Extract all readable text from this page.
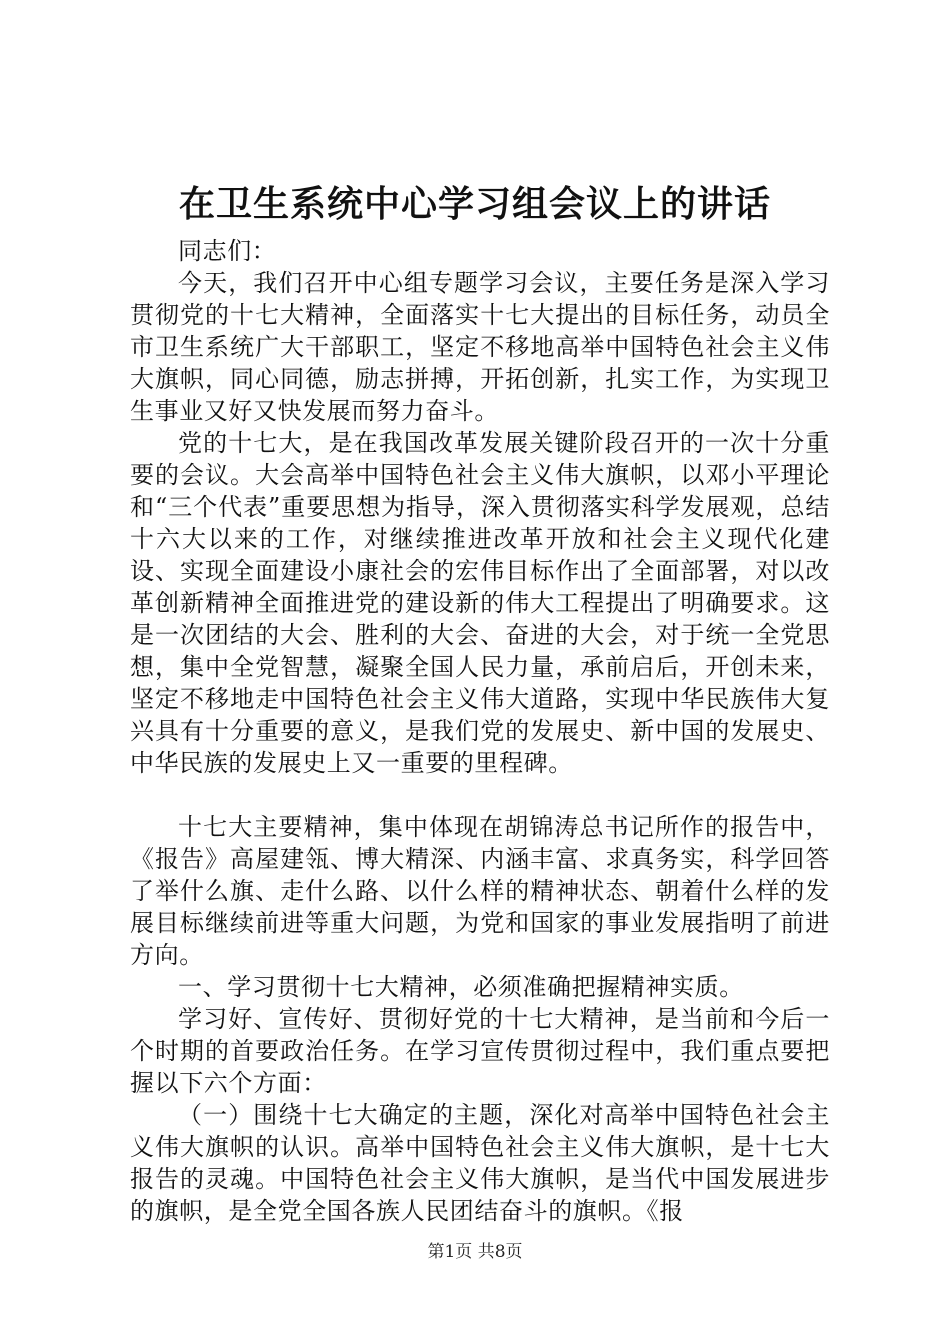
在卫生系统中心学习组会议上的讲话

同志们：

今天，我们召开中心组专题学习会议，主要任务是深入学习贯彻党的十七大精神，全面落实十七大提出的目标任务，动员全市卫生系统广大干部职工，坚定不移地高举中国特色社会主义伟大旗帜，同心同德，励志拼搏，开拓创新，扎实工作，为实现卫生事业又好又快发展而努力奋斗。

党的十七大，是在我国改革发展关键阶段召开的一次十分重要的会议。大会高举中国特色社会主义伟大旗帜，以邓小平理论和“三个代表”重要思想为指导，深入贯彻落实科学发展观，总结十六大以来的工作，对继续推进改革开放和社会主义现代化建设、实现全面建设小康社会的宏伟目标作出了全面部署，对以改革创新精神全面推进党的建设新的伟大工程提出了明确要求。这是一次团结的大会、胜利的大会、奋进的大会，对于统一全党思想，集中全党智慧，凝聚全国人民力量，承前启后，开创未来，坚定不移地走中国特色社会主义伟大道路，实现中华民族伟大复兴具有十分重要的意义，是我们党的发展史、新中国的发展史、中华民族的发展史上又一重要的里程碑。

十七大主要精神，集中体现在胡锦涛总书记所作的报告中，《报告》高屋建瓴、博大精深、内涵丰富、求真务实，科学回答了举什么旗、走什么路、以什么样的精神状态、朝着什么样的发展目标继续前进等重大问题，为党和国家的事业发展指明了前进方向。

一、学习贯彻十七大精神，必须准确把握精神实质。

学习好、宣传好、贯彻好党的十七大精神，是当前和今后一个时期的首要政治任务。在学习宣传贯彻过程中，我们重点要把握以下六个方面：

（一）围绕十七大确定的主题，深化对高举中国特色社会主义伟大旗帜的认识。高举中国特色社会主义伟大旗帜，是十七大报告的灵魂。中国特色社会主义伟大旗帜，是当代中国发展进步的旗帜，是全党全国各族人民团结奋斗的旗帜。《报

第1页 共8页
